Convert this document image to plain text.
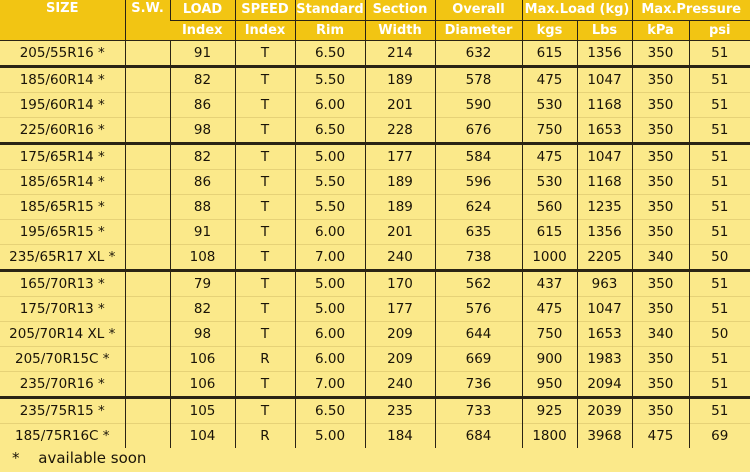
SIZE	S.W.	LOAD	SPEED	Standard	Section	Overall	Max.Load (kg)		Max.Pressure	
		Index	Index	Rim	Width	Diameter	kgs	Lbs	kPa	psi
205/55R16 *		91	T	6.50	214	632	615	1356	350	51
185/60R14 *		82	T	5.50	189	578	475	1047	350	51
195/60R14 *		86	T	6.00	201	590	530	1168	350	51
225/60R16 *		98	T	6.50	228	676	750	1653	350	51
175/65R14 *		82	T	5.00	177	584	475	1047	350	51
185/65R14 *		86	T	5.50	189	596	530	1168	350	51
185/65R15 *		88	T	5.50	189	624	560	1235	350	51
195/65R15 *		91	T	6.00	201	635	615	1356	350	51
235/65R17 XL *		108	T	7.00	240	738	1000	2205	340	50
165/70R13 *		79	T	5.00	170	562	437	963	350	51
175/70R13 *		82	T	5.00	177	576	475	1047	350	51
205/70R14 XL *		98	T	6.00	209	644	750	1653	340	50
205/70R15C *		106	R	6.00	209	669	900	1983	350	51
235/70R16 *		106	T	7.00	240	736	950	2094	350	51
235/75R15 *		105	T	6.50	235	733	925	2039	350	51
185/75R16C *		104	R	5.00	184	684	1800	3968	475	69
* available soon
